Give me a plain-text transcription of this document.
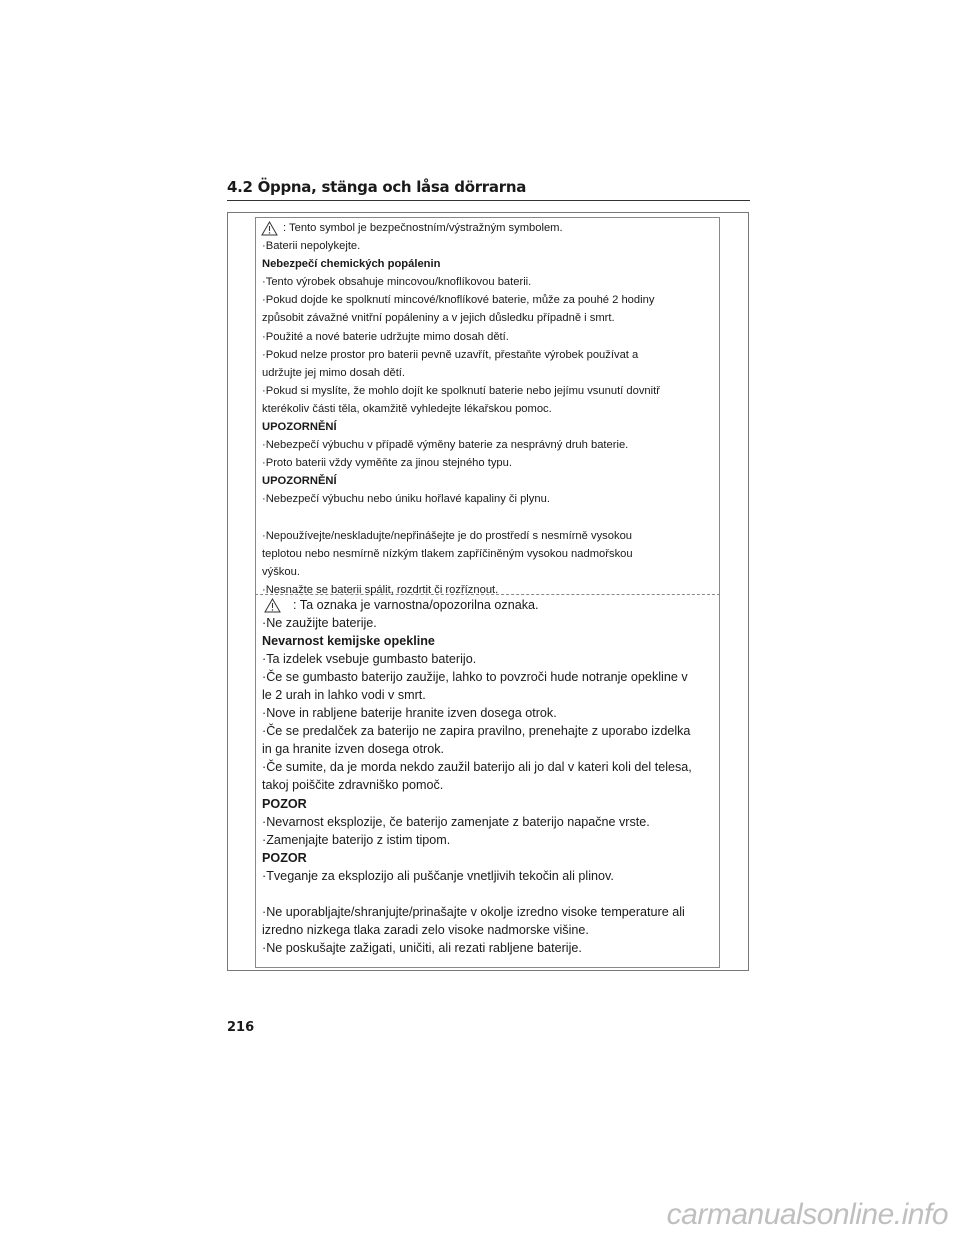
4.2 Öppna, stänga och låsa dörrarna
: Tento symbol je bezpečnostním/výstražným symbolem.

·Baterii nepolykejte.

Nebezpečí chemických popálenin

·Tento výrobek obsahuje mincovou/knoflíkovou baterii.

·Pokud dojde ke spolknutí mincové/knoflíkové baterie, může za pouhé 2 hodiny

způsobit závažné vnitřní popáleniny a v jejich důsledku případně i smrt.

·Použité a nové baterie udržujte mimo dosah dětí.

·Pokud nelze prostor pro baterii pevně uzavřít, přestaňte výrobek používat a

udržujte jej mimo dosah dětí.

·Pokud si myslíte, že mohlo dojít ke spolknutí baterie nebo jejímu vsunutí dovnitř

kterékoliv části těla, okamžitě vyhledejte lékařskou pomoc.

UPOZORNĚNÍ

·Nebezpečí výbuchu v případě výměny baterie za nesprávný druh baterie.

·Proto baterii vždy vyměňte za jinou stejného typu.

UPOZORNĚNÍ

·Nebezpečí výbuchu nebo úniku hořlavé kapaliny či plynu.

·Nepoužívejte/neskladujte/nepřinášejte je do prostředí s nesmírně vysokou

teplotou nebo nesmírně nízkým tlakem zapříčiněným vysokou nadmořskou

výškou.

·Nesnažte se baterii spálit, rozdrtit či rozříznout.

: Ta oznaka je varnostna/opozorilna oznaka.

·Ne zaužijte baterije.

Nevarnost kemijske opekline

·Ta izdelek vsebuje gumbasto baterijo.

·Če se gumbasto baterijo zaužije, lahko to povzroči hude notranje opekline v

le 2 urah in lahko vodi v smrt.

·Nove in rabljene baterije hranite izven dosega otrok.

·Če se predalček za baterijo ne zapira pravilno, prenehajte z uporabo izdelka

in ga hranite izven dosega otrok.

·Če sumite, da je morda nekdo zaužil baterijo ali jo dal v kateri koli del telesa,

takoj poiščite zdravniško pomoč.

POZOR

·Nevarnost eksplozije, če baterijo zamenjate z baterijo napačne vrste.

·Zamenjajte baterijo z istim tipom.

POZOR

·Tveganje za eksplozijo ali puščanje vnetljivih tekočin ali plinov.

·Ne uporabljajte/shranjujte/prinašajte v okolje izredno visoke temperature ali

izredno nizkega tlaka zaradi zelo visoke nadmorske višine.

·Ne poskušajte zažigati, uničiti, ali rezati rabljene baterije.

216
carmanualsonline.info
